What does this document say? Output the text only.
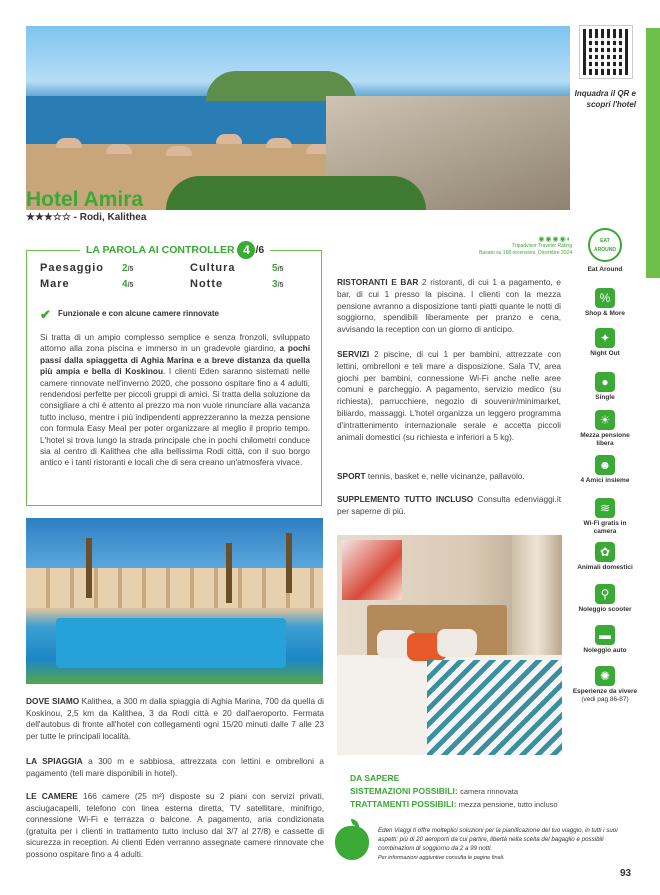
Inquadra il QR e scopri l'hotel
Hotel Amira
★★★☆☆ - Rodi, Kalithea
LA PAROLA AI CONTROLLER 4 /6
Paesaggio 2/5	Cultura	5/5
Mare	4/5	Notte	3/5
✔ Funzionale e con alcune camere rinnovate
Si tratta di un ampio complesso semplice e senza fronzoli, sviluppato attorno alla zona piscina e immerso in un gradevole giardino, a pochi passi dalla spiaggetta di Aghia Marina e a breve distanza da quella più ampia e bella di Koskinou. I clienti Eden saranno sistemati nelle camere rinnovate nell'inverno 2020, che possono ospitare fino a 4 adulti, rendendosi perfette per piccoli gruppi di amici. Si tratta della soluzione da consigliare a chi è attento al prezzo ma non vuole rinunciare alla vacanza tutto incluso, mentre i più indipendenti apprezzeranno la mezza pensione con formula Easy Meal per poter organizzare al meglio il proprio tempo. L'hotel si trova lungo la strada principale che in pochi chilometri conduce sia al centro di Kalithea che alla bellissima Rodi città, con il suo borgo antico e i tanti ristoranti e locali che di sera creano un'atmosfera vivace.
DOVE SIAMO Kalithea, a 300 m dalla spiaggia di Aghia Marina, 700 da quella di Koskinou, 2,5 km da Kalithea, 3 da Rodi città e 20 dall'aeroporto. Fermata dell'autobus di fronte all'hotel con collegamenti ogni 15/20 minuti dalle 7 alle 23 per tutte le principali località.
LA SPIAGGIA a 300 m e sabbiosa, attrezzata con lettini e ombrelloni a pagamento (teli mare disponibili in hotel).
LE CAMERE 166 camere (25 m²) disposte su 2 piani con servizi privati, asciugacapelli, telefono con linea esterna diretta, TV satellitare, minifrigo, connessione Wi-Fi e terrazza o balcone. A pagamento, aria condizionata (gratuita per i clienti in trattamento tutto incluso dal 3/7 al 27/8) e cassette di sicurezza in reception. Ai clienti Eden verranno assegnate camere rinnovate che possono ospitare fino a 4 adulti.
◉◉◉◉◐
Tripadvisor Traveler Rating
Basato su 168 recensioni, Dicembre 2024
RISTORANTI E BAR 2 ristoranti, di cui 1 a pagamento, e bar, di cui 1 presso la piscina. I clienti con la mezza pensione avranno a disposizione tanti piatti quante le notti di soggiorno, spendibili liberamente per pranzo e cena, avvisando la reception con un giorno di anticipo.
SERVIZI 2 piscine, di cui 1 per bambini, attrezzate con lettini, ombrelloni e teli mare a disposizione. Sala TV, area giochi per bambini, connessione Wi-Fi anche nelle aree comuni e parcheggio. A pagamento, servizio medico (su richiesta), parrucchiere, negozio di souvenir/minimarket, biliardo, massaggi. L'hotel organizza un leggero programma d'intrattenimento internazionale serale e accetta piccoli animali domestici (su richiesta e inferiori a 5 kg).
SPORT tennis, basket e, nelle vicinanze, pallavolo.
SUPPLEMENTO TUTTO INCLUSO Consulta edenviaggi.it per saperne di più.
DA SAPERE
SISTEMAZIONI POSSIBILI: camera rinnovata
TRATTAMENTI POSSIBILI: mezza pensione, tutto incluso
Eden Viaggi ti offre molteplici soluzioni per la pianificazione del tuo viaggio, in tutti i suoi aspetti: più di 20 aeroporti da cui partire, libertà nella scelta del bagaglio e possibili combinazioni di soggiorno da 2 a 99 notti.
Per informazioni aggiuntive consulta le pagine finali.
93
EAT AROUND
Eat Around
%
Shop & More
✦
Night Out
●
Single
☀
Mezza pensione libera
☻
4 Amici insieme
≋
Wi-Fi gratis in camera
✿
Animali domestici
⚲
Noleggio scooter
▬
Noleggio auto
✺
Esperienze da vivere
(vedi pag 86-87)
